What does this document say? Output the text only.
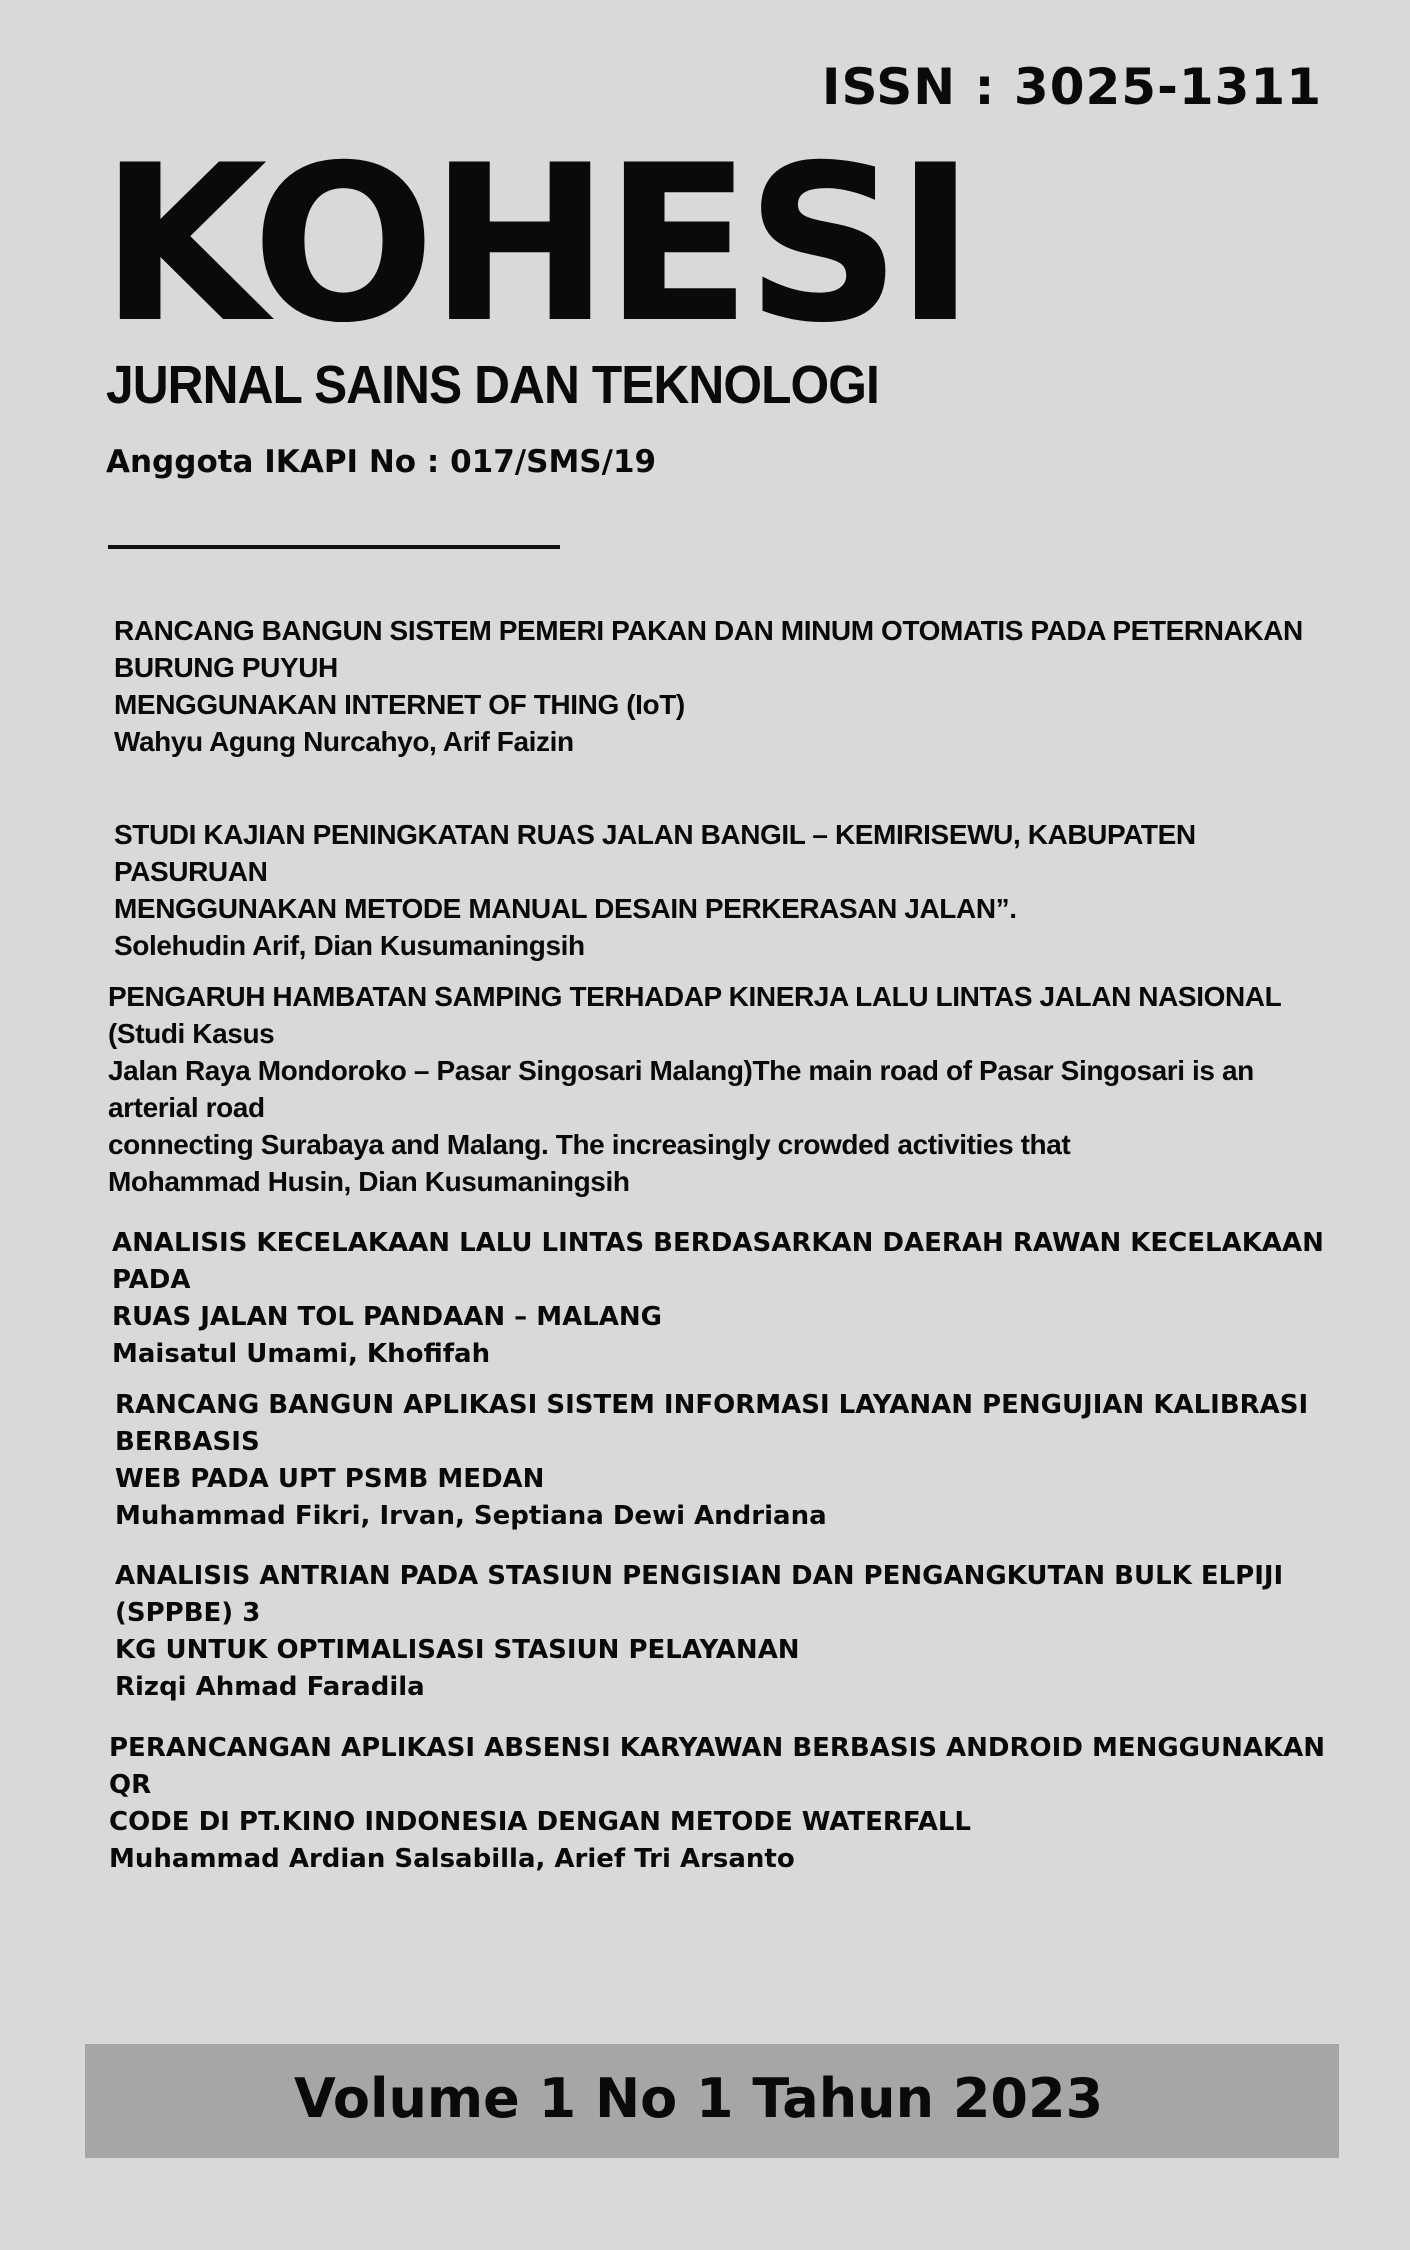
ISSN : 3025-1311
KOHESI
JURNAL SAINS DAN TEKNOLOGI
Anggota IKAPI No : 017/SMS/19
RANCANG BANGUN SISTEM PEMERI PAKAN DAN MINUM OTOMATIS PADA PETERNAKAN BURUNG PUYUH
MENGGUNAKAN INTERNET OF THING (IoT)
Wahyu Agung Nurcahyo, Arif Faizin
STUDI KAJIAN PENINGKATAN RUAS JALAN BANGIL – KEMIRISEWU, KABUPATEN PASURUAN
MENGGUNAKAN METODE MANUAL DESAIN PERKERASAN JALAN”.
Solehudin Arif, Dian Kusumaningsih
PENGARUH HAMBATAN SAMPING TERHADAP KINERJA LALU LINTAS JALAN NASIONAL (Studi Kasus
Jalan Raya Mondoroko – Pasar Singosari Malang)The main road of Pasar Singosari is an arterial road
connecting Surabaya and Malang. The increasingly crowded activities that
Mohammad Husin, Dian Kusumaningsih
ANALISIS KECELAKAAN LALU LINTAS BERDASARKAN DAERAH RAWAN KECELAKAAN PADA
RUAS JALAN TOL PANDAAN – MALANG
Maisatul Umami, Khofifah
RANCANG BANGUN APLIKASI SISTEM INFORMASI LAYANAN PENGUJIAN KALIBRASI BERBASIS
WEB PADA UPT PSMB MEDAN
Muhammad Fikri, Irvan, Septiana Dewi Andriana
ANALISIS ANTRIAN PADA STASIUN PENGISIAN DAN PENGANGKUTAN BULK ELPIJI (SPPBE) 3
KG UNTUK OPTIMALISASI STASIUN PELAYANAN
Rizqi Ahmad Faradila
PERANCANGAN APLIKASI ABSENSI KARYAWAN BERBASIS ANDROID MENGGUNAKAN QR
CODE DI PT.KINO INDONESIA DENGAN METODE WATERFALL
Muhammad Ardian Salsabilla, Arief Tri Arsanto
Volume 1 No 1 Tahun 2023
